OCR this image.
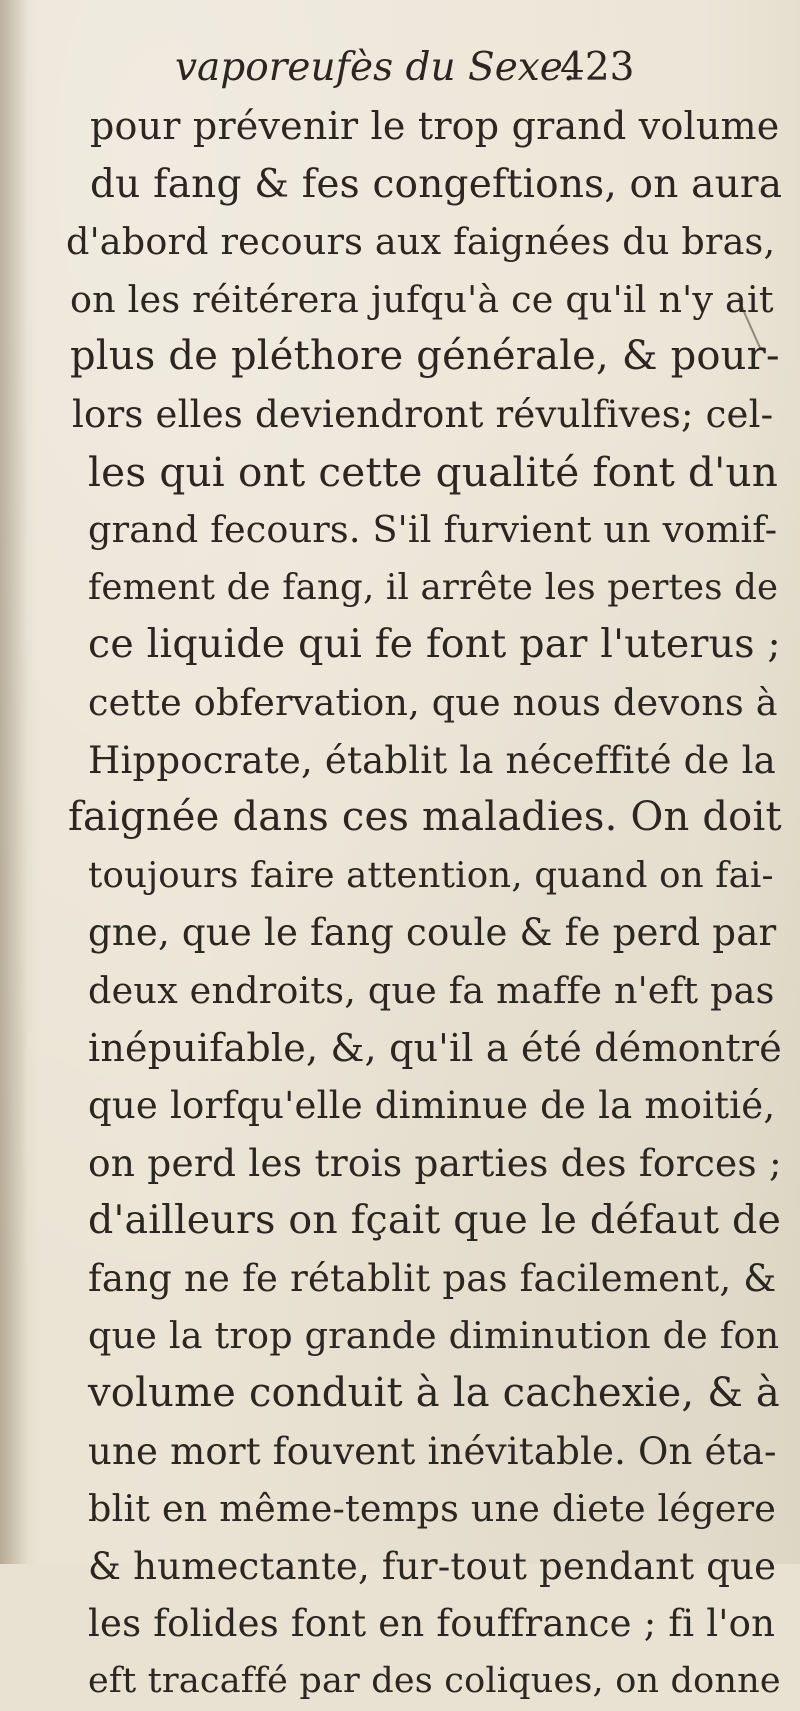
vaporeufès du Sexe.
423
pour prévenir le trop grand volume
du fang & fes congeftions, on aura
d'abord recours aux faignées du bras,
on les réitérera jufqu'à ce qu'il n'y ait
plus de pléthore générale, & pour-
lors elles deviendront révulfives; cel-
les qui ont cette qualité font d'un
grand fecours. S'il furvient un vomif-
fement de fang, il arrête les pertes de
ce liquide qui fe font par l'uterus ;
cette obfervation, que nous devons à
Hippocrate, établit la néceffité de la
faignée dans ces maladies. On doit
toujours faire attention, quand on fai-
gne, que le fang coule & fe perd par
deux endroits, que fa maffe n'eft pas
inépuifable, &, qu'il a été démontré
que lorfqu'elle diminue de la moitié,
on perd les trois parties des forces ;
d'ailleurs on fçait que le défaut de
fang ne fe rétablit pas facilement, &
que la trop grande diminution de fon
volume conduit à la cachexie, & à
une mort fouvent inévitable. On éta-
blit en même-temps une diete légere
& humectante, fur-tout pendant que
les folides font en fouffrance ; fi l'on
eft tracaffé par des coliques, on donne
